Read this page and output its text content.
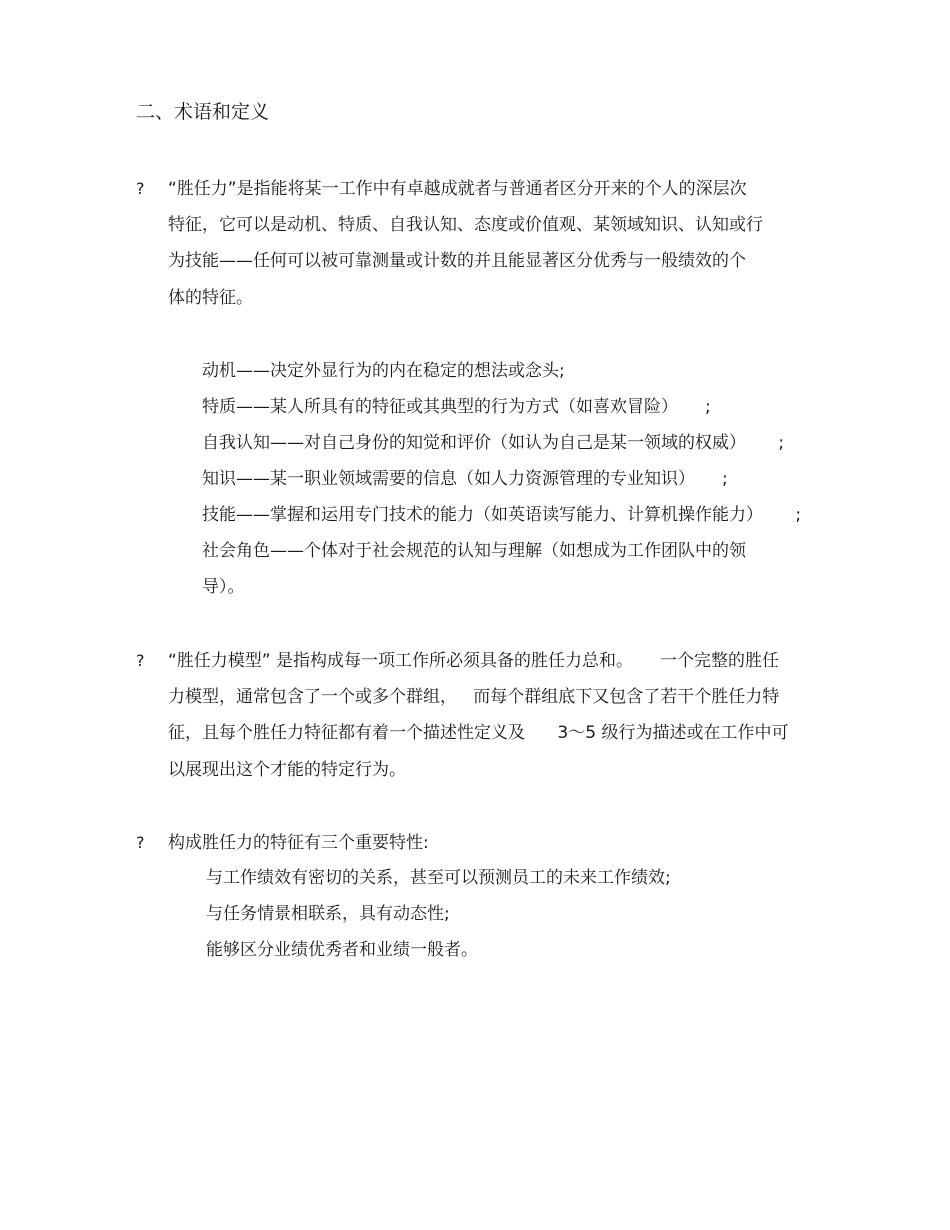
二、术语和定义
? “胜任力”是指能将某一工作中有卓越成就者与普通者区分开来的个人的深层次
特征，它可以是动机、特质、自我认知、态度或价值观、某领域知识、认知或行
为技能——任何可以被可靠测量或计数的并且能显著区分优秀与一般绩效的个
体的特征。
动机——决定外显行为的内在稳定的想法或念头;
特质——某人所具有的特征或其典型的行为方式（如喜欢冒险）     ;
自我认知——对自己身份的知觉和评价（如认为自己是某一领域的权威）      ;
知识——某一职业领域需要的信息（如人力资源管理的专业知识）     ;
技能——掌握和运用专门技术的能力（如英语读写能力、计算机操作能力）      ;
社会角色——个体对于社会规范的认知与理解（如想成为工作团队中的领
导）。
? “胜任力模型” 是指构成每一项工作所必须具备的胜任力总和。     一个完整的胜任
力模型，通常包含了一个或多个群组，   而每个群组底下又包含了若干个胜任力特
征，且每个胜任力特征都有着一个描述性定义及      3～5 级行为描述或在工作中可
以展现出这个才能的特定行为。
? 构成胜任力的特征有三个重要特性:
与工作绩效有密切的关系，甚至可以预测员工的未来工作绩效;
与任务情景相联系，具有动态性;
能够区分业绩优秀者和业绩一般者。
